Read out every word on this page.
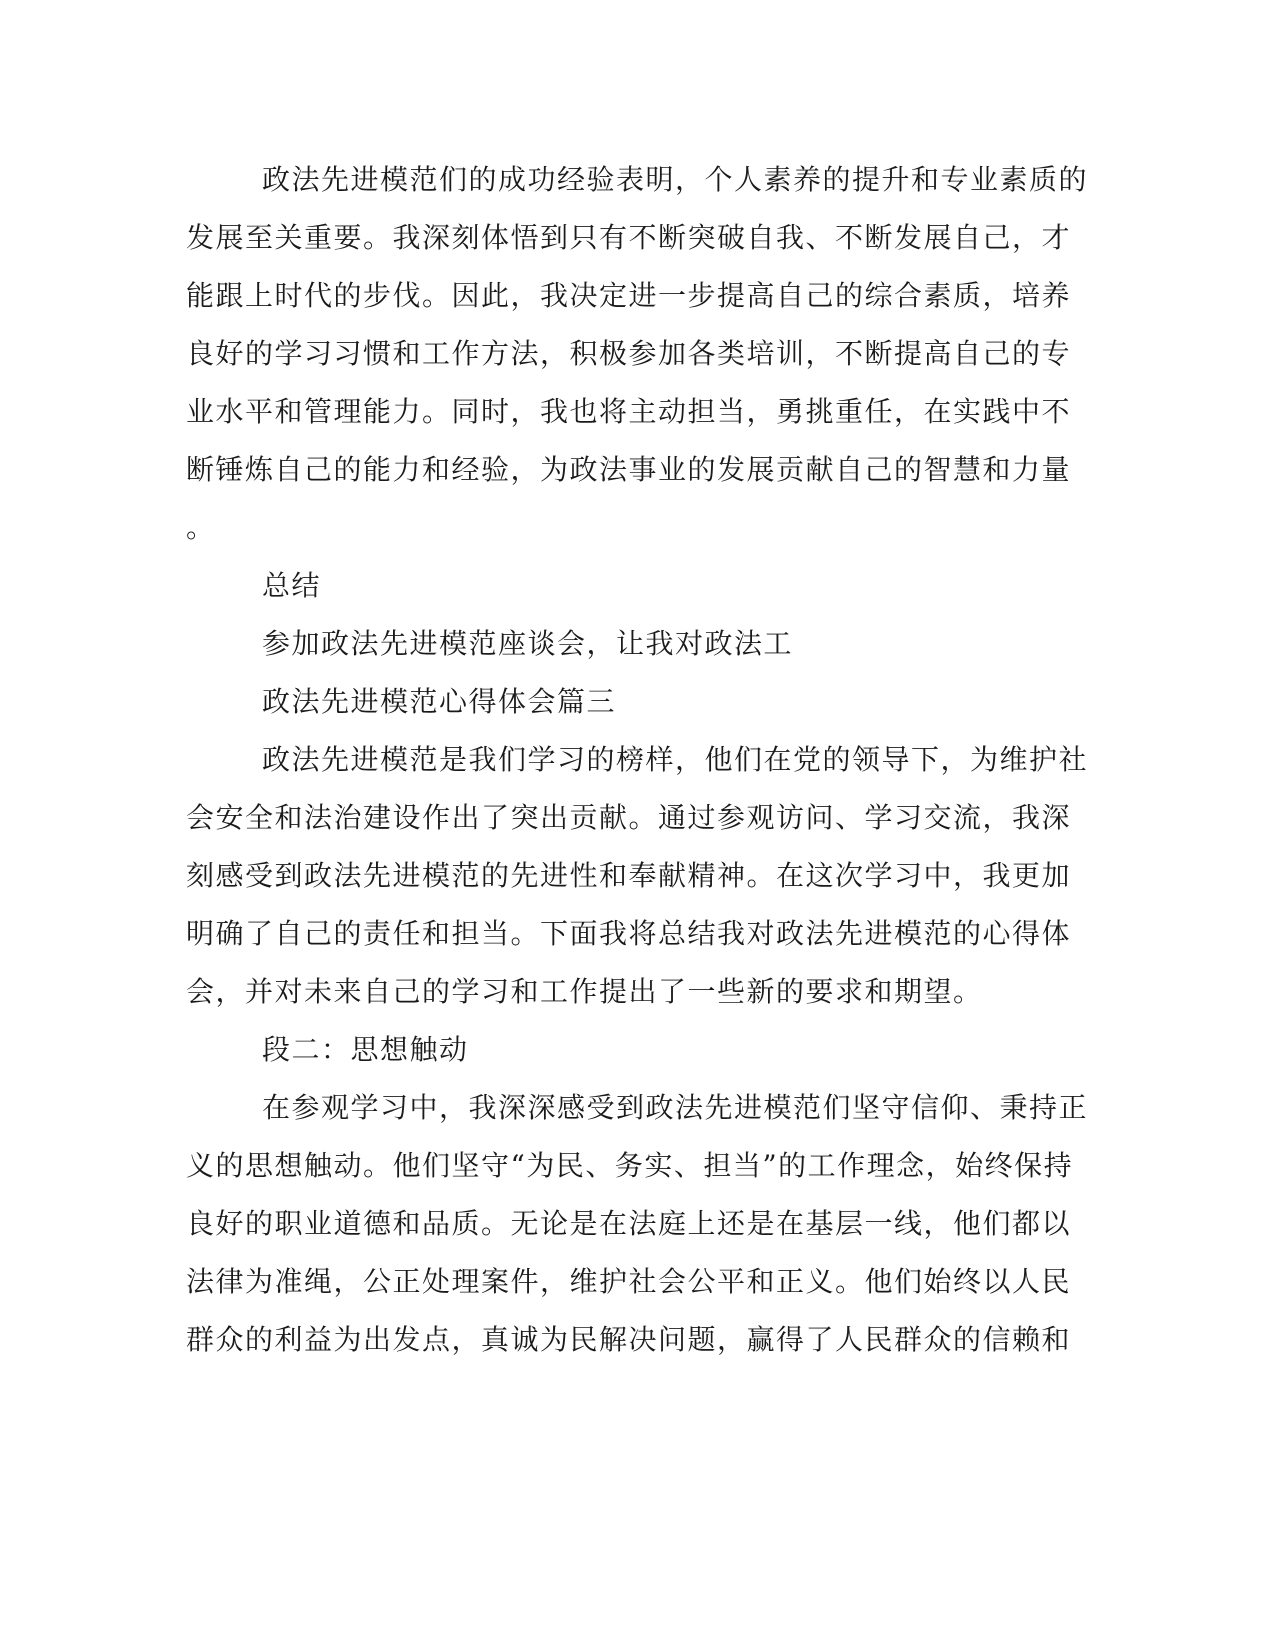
政法先进模范们的成功经验表明，个人素养的提升和专业素质的
发展至关重要。我深刻体悟到只有不断突破自我、不断发展自己，才
能跟上时代的步伐。因此，我决定进一步提高自己的综合素质，培养
良好的学习习惯和工作方法，积极参加各类培训，不断提高自己的专
业水平和管理能力。同时，我也将主动担当，勇挑重任，在实践中不
断锤炼自己的能力和经验，为政法事业的发展贡献自己的智慧和力量
。
总结
参加政法先进模范座谈会，让我对政法工
政法先进模范心得体会篇三
政法先进模范是我们学习的榜样，他们在党的领导下，为维护社
会安全和法治建设作出了突出贡献。通过参观访问、学习交流，我深
刻感受到政法先进模范的先进性和奉献精神。在这次学习中，我更加
明确了自己的责任和担当。下面我将总结我对政法先进模范的心得体
会，并对未来自己的学习和工作提出了一些新的要求和期望。
段二：思想触动
在参观学习中，我深深感受到政法先进模范们坚守信仰、秉持正
义的思想触动。他们坚守“为民、务实、担当”的工作理念，始终保持
良好的职业道德和品质。无论是在法庭上还是在基层一线，他们都以
法律为准绳，公正处理案件，维护社会公平和正义。他们始终以人民
群众的利益为出发点，真诚为民解决问题，赢得了人民群众的信赖和
